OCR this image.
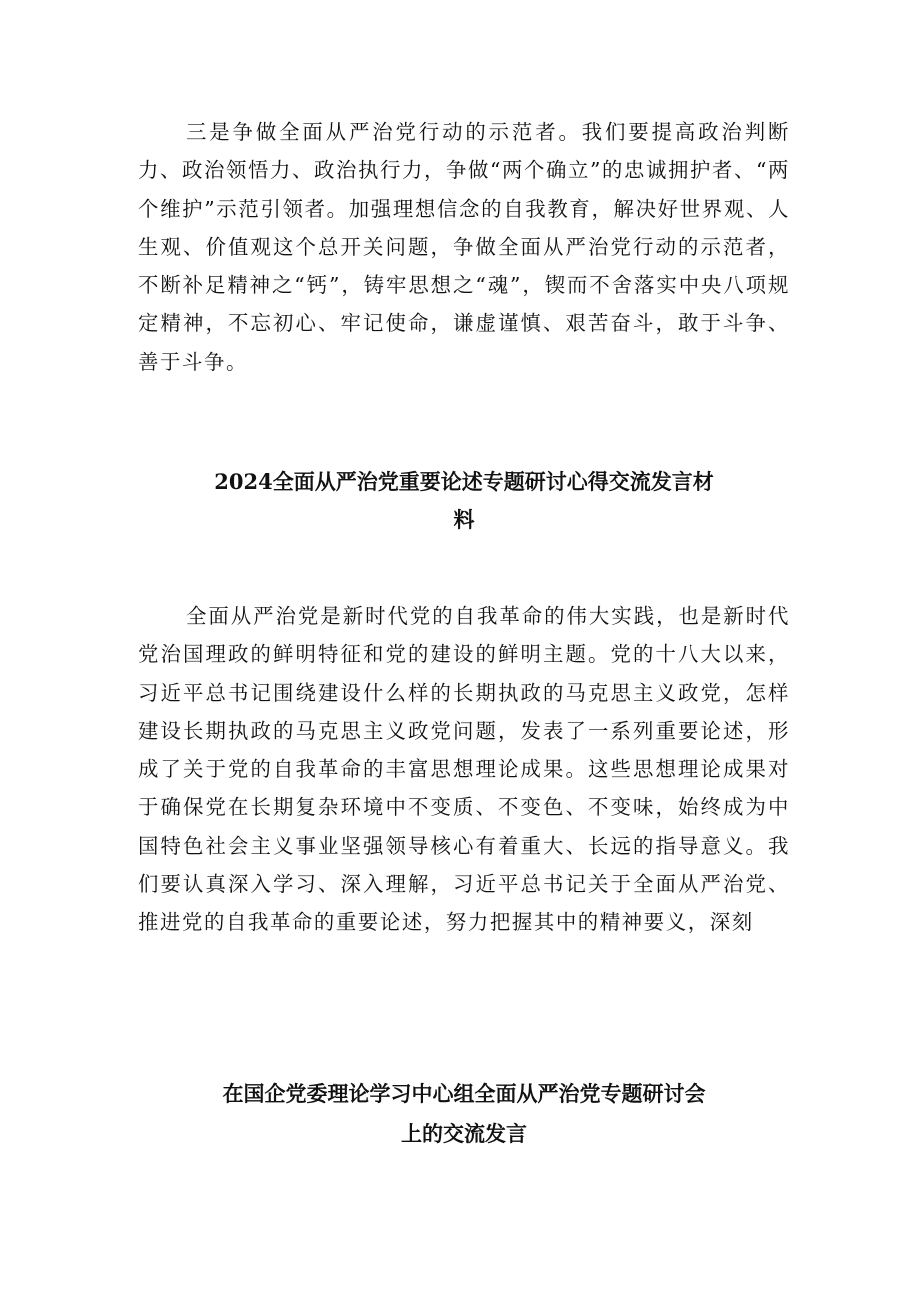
三是争做全面从严治党行动的示范者。我们要提高政治判断力、政治领悟力、政治执行力，争做“两个确立”的忠诚拥护者、“两个维护”示范引领者。加强理想信念的自我教育，解决好世界观、人生观、价值观这个总开关问题，争做全面从严治党行动的示范者，不断补足精神之“钙”，铸牢思想之“魂”，锲而不舍落实中央八项规定精神，不忘初心、牢记使命，谦虚谨慎、艰苦奋斗，敢于斗争、善于斗争。

2024全面从严治党重要论述专题研讨心得交流发言材
料

全面从严治党是新时代党的自我革命的伟大实践，也是新时代党治国理政的鲜明特征和党的建设的鲜明主题。党的十八大以来，习近平总书记围绕建设什么样的长期执政的马克思主义政党，怎样建设长期执政的马克思主义政党问题，发表了一系列重要论述，形成了关于党的自我革命的丰富思想理论成果。这些思想理论成果对于确保党在长期复杂环境中不变质、不变色、不变味，始终成为中国特色社会主义事业坚强领导核心有着重大、长远的指导意义。我们要认真深入学习、深入理解，习近平总书记关于全面从严治党、推进党的自我革命的重要论述，努力把握其中的精神要义，深刻

在国企党委理论学习中心组全面从严治党专题研讨会
上的交流发言
